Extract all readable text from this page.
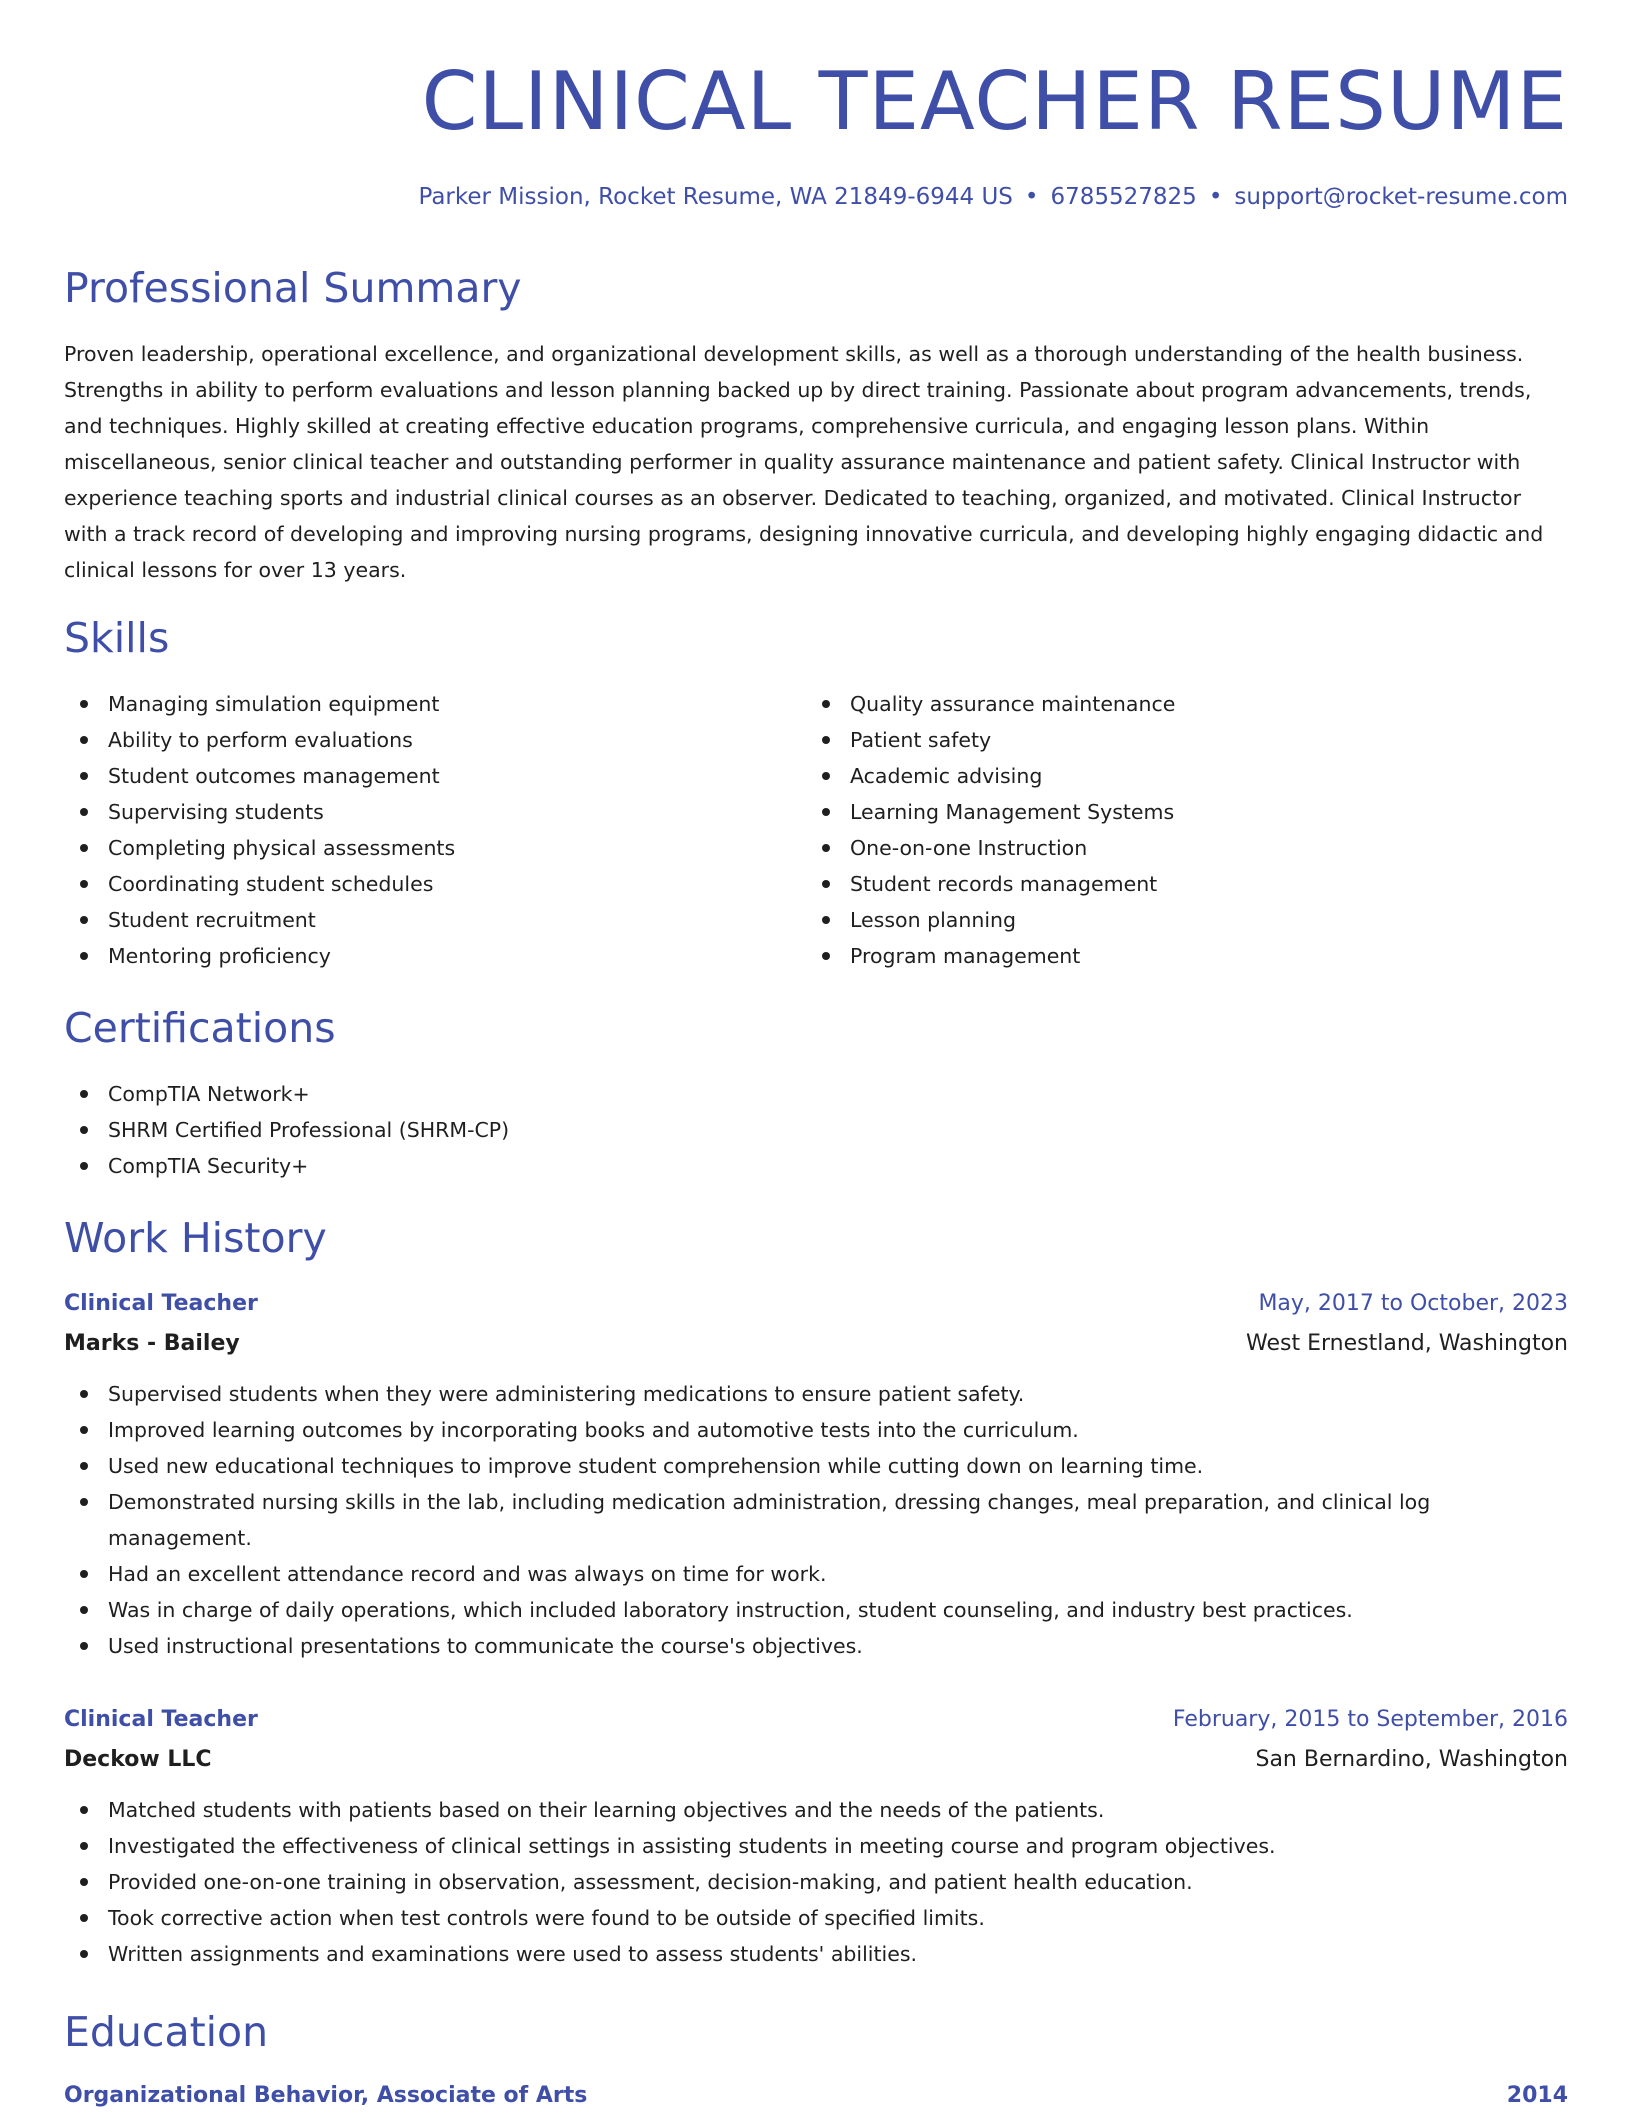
CLINICAL TEACHER RESUME
Parker Mission, Rocket Resume, WA 21849-6944 US • 6785527825 • support@rocket-resume.com
Professional Summary

Proven leadership, operational excellence, and organizational development skills, as well as a thorough understanding of the health business. Strengths in ability to perform evaluations and lesson planning backed up by direct training. Passionate about program advancements, trends, and techniques. Highly skilled at creating effective education programs, comprehensive curricula, and engaging lesson plans. Within miscellaneous, senior clinical teacher and outstanding performer in quality assurance maintenance and patient safety. Clinical Instructor with experience teaching sports and industrial clinical courses as an observer. Dedicated to teaching, organized, and motivated. Clinical Instructor with a track record of developing and improving nursing programs, designing innovative curricula, and developing highly engaging didactic and clinical lessons for over 13 years.

Skills
Managing simulation equipment
Ability to perform evaluations
Student outcomes management
Supervising students
Completing physical assessments
Coordinating student schedules
Student recruitment
Mentoring proficiency
Quality assurance maintenance
Patient safety
Academic advising
Learning Management Systems
One-on-one Instruction
Student records management
Lesson planning
Program management
Certifications
CompTIA Network+
SHRM Certified Professional (SHRM-CP)
CompTIA Security+
Work History
Clinical Teacher	May, 2017 to October, 2023
Marks - Bailey	West Ernestland, Washington
Supervised students when they were administering medications to ensure patient safety.
Improved learning outcomes by incorporating books and automotive tests into the curriculum.
Used new educational techniques to improve student comprehension while cutting down on learning time.
Demonstrated nursing skills in the lab, including medication administration, dressing changes, meal preparation, and clinical log management.
Had an excellent attendance record and was always on time for work.
Was in charge of daily operations, which included laboratory instruction, student counseling, and industry best practices.
Used instructional presentations to communicate the course's objectives.
Clinical Teacher	February, 2015 to September, 2016
Deckow LLC	San Bernardino, Washington
Matched students with patients based on their learning objectives and the needs of the patients.
Investigated the effectiveness of clinical settings in assisting students in meeting course and program objectives.
Provided one-on-one training in observation, assessment, decision-making, and patient health education.
Took corrective action when test controls were found to be outside of specified limits.
Written assignments and examinations were used to assess students' abilities.
Education
Organizational Behavior, Associate of Arts	2014
